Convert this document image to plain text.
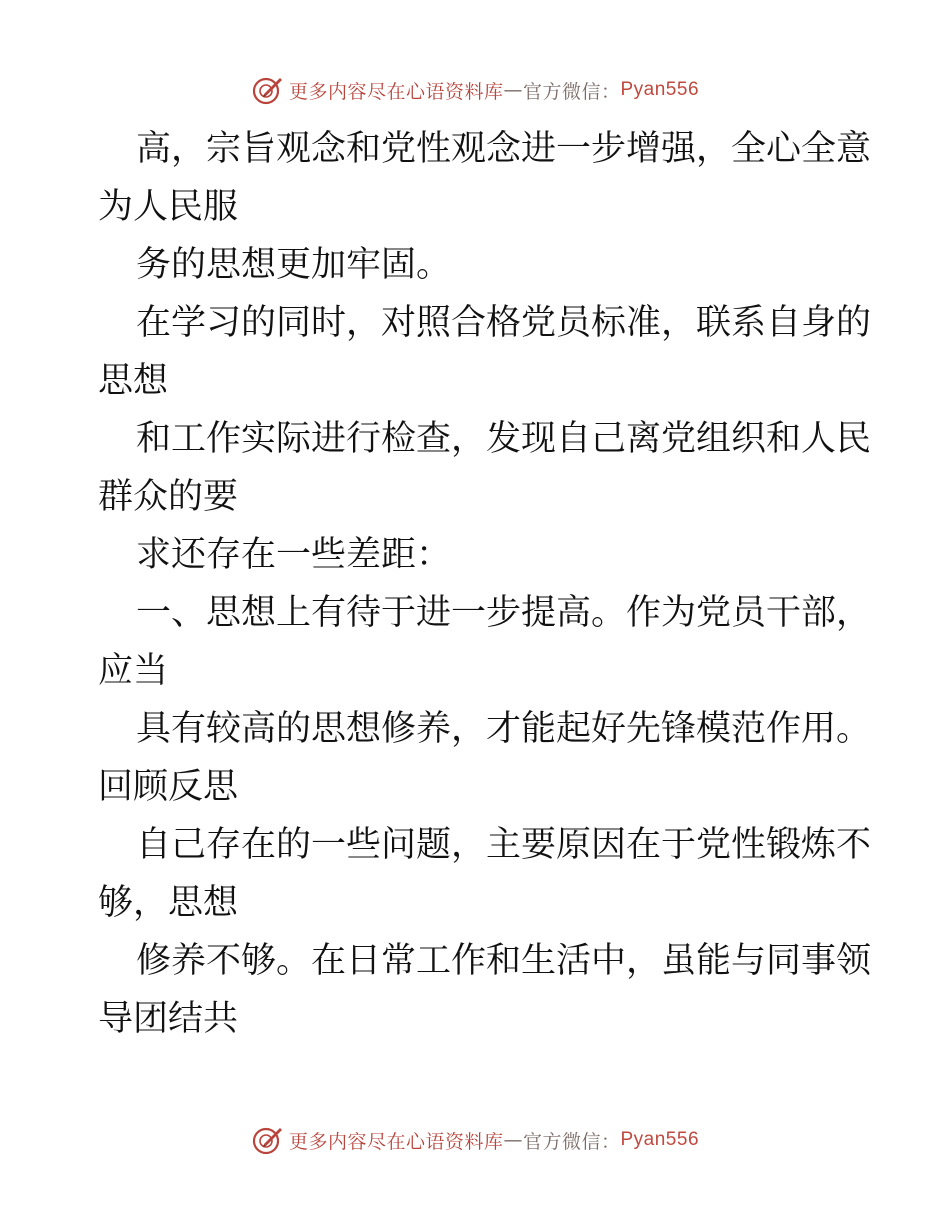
更多内容尽在心语资料库 — 官方微信： Pyan556
高，宗旨观念和党性观念进一步增强，全心全意
为人民服
务的思想更加牢固。
在学习的同时，对照合格党员标准，联系自身的
思想
和工作实际进行检查，发现自己离党组织和人民
群众的要
求还存在一些差距：
一、思想上有待于进一步提高。作为党员干部，
应当
具有较高的思想修养，才能起好先锋模范作用。
回顾反思
自己存在的一些问题，主要原因在于党性锻炼不
够，思想
修养不够。在日常工作和生活中，虽能与同事领
导团结共
更多内容尽在心语资料库 — 官方微信： Pyan556
